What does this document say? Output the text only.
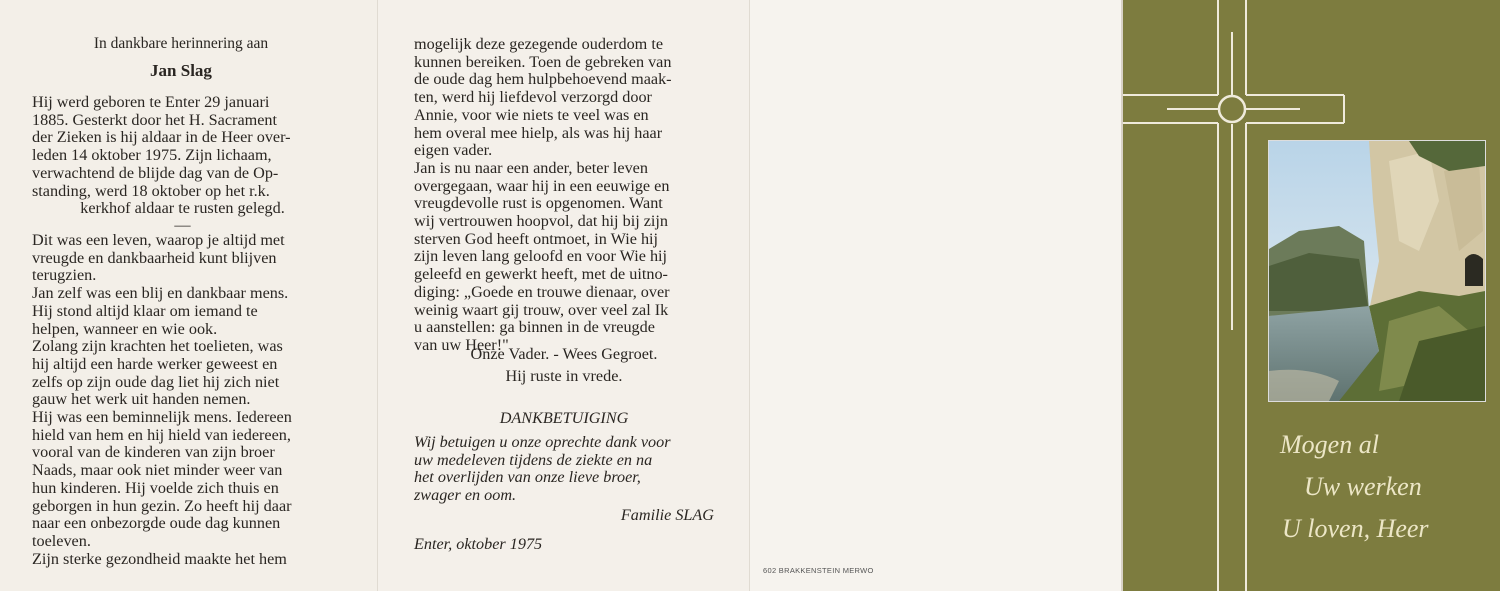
In dankbare herinnering aan
Jan Slag
Hij werd geboren te Enter 29 januari
1885. Gesterkt door het H. Sacrament
der Zieken is hij aldaar in de Heer over-
leden 14 oktober 1975. Zijn lichaam,
verwachtend de blijde dag van de Op-
standing, werd 18 oktober op het r.k.
kerkhof aldaar te rusten gelegd.
—
Dit was een leven, waarop je altijd met
vreugde en dankbaarheid kunt blijven
terugzien.
Jan zelf was een blij en dankbaar mens.
Hij stond altijd klaar om iemand te
helpen, wanneer en wie ook.
Zolang zijn krachten het toelieten, was
hij altijd een harde werker geweest en
zelfs op zijn oude dag liet hij zich niet
gauw het werk uit handen nemen.
Hij was een beminnelijk mens. Iedereen
hield van hem en hij hield van iedereen,
vooral van de kinderen van zijn broer
Naads, maar ook niet minder weer van
hun kinderen. Hij voelde zich thuis en
geborgen in hun gezin. Zo heeft hij daar
naar een onbezorgde oude dag kunnen
toeleven.
Zijn sterke gezondheid maakte het hem
mogelijk deze gezegende ouderdom te
kunnen bereiken. Toen de gebreken van
de oude dag hem hulpbehoevend maak-
ten, werd hij liefdevol verzorgd door
Annie, voor wie niets te veel was en
hem overal mee hielp, als was hij haar
eigen vader.
Jan is nu naar een ander, beter leven
overgegaan, waar hij in een eeuwige en
vreugdevolle rust is opgenomen. Want
wij vertrouwen hoopvol, dat hij bij zijn
sterven God heeft ontmoet, in Wie hij
zijn leven lang geloofd en voor Wie hij
geleefd en gewerkt heeft, met de uitno-
diging: „Goede en trouwe dienaar, over
weinig waart gij trouw, over veel zal Ik
u aanstellen: ga binnen in de vreugde
van uw Heer!"
Onze Vader. - Wees Gegroet.
Hij ruste in vrede.
DANKBETUIGING
Wij betuigen u onze oprechte dank voor
uw medeleven tijdens de ziekte en na
het overlijden van onze lieve broer,
zwager en oom.
Familie SLAG
Enter, oktober 1975
602 BRAKKENSTEIN MERWO
Mogen al
Uw werken
U loven, Heer
